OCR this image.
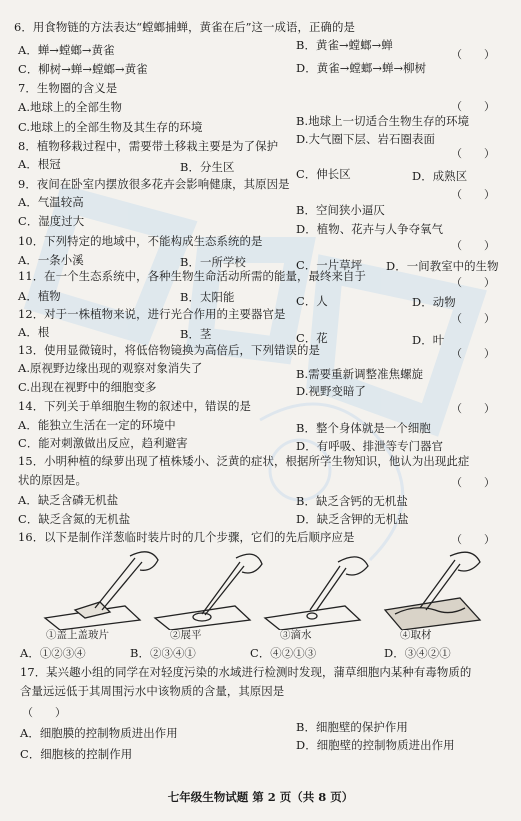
6．用食物链的方法表达“螳螂捕蝉，黄雀在后”这一成语，正确的是
（　　）
A．蝉→螳螂→黄雀	B．黄雀→螳螂→蝉
C．柳树→蝉→螳螂→黄雀	D．黄雀→螳螂→蝉→柳树
7．生物圈的含义是
（　　）
A.地球上的全部生物
B.地球上一切适合生物生存的环境
C.地球上的全部生物及其生存的环境
D.大气圈下层、岩石圈表面
8．植物移栽过程中，需要带土移栽主要是为了保护
（　　）
A．根冠	B．分生区	C．伸长区	D．成熟区
9．夜间在卧室内摆放很多花卉会影响健康，其原因是
（　　）
A．气温较高
B．空间狭小逼仄
C．湿度过大
D．植物、花卉与人争夺氧气
10．下列特定的地域中，不能构成生态系统的是	（　　）
A．一条小溪	B．一所学校	C．一片草坪 D．一间教室中的生物
11．在一个生态系统中，各种生物生命活动所需的能量，最终来自于	（　　）
A．植物	B．太阳能	C．人	D．动物
12．对于一株植物来说，进行光合作用的主要器官是	（　　）
A．根	B．茎	C．花	D．叶
13．使用显微镜时，将低倍物镜换为高倍后，下列错误的是	（　　）
A.原视野边缘出现的观察对象消失了	B.需要重新调整准焦螺旋
C.出现在视野中的细胞变多	D.视野变暗了
14．下列关于单细胞生物的叙述中，错误的是	（　　）
A．能独立生活在一定的环境中	B．整个身体就是一个细胞
C．能对刺激做出反应，趋利避害	D．有呼吸、排泄等专门器官
15．小明种植的绿萝出现了植株矮小、泛黄的症状，根据所学生物知识，他认为出现此症
状的原因是。	（　　）
A．缺乏含磷无机盐	B．缺乏含钙的无机盐
C．缺乏含氮的无机盐	D．缺乏含钾的无机盐
16．以下是制作洋葱临时装片时的几个步骤，它们的先后顺序应是	（　　）
①盖上盖玻片	②展平	③滴水	④取材
A．①②③④	B．②③④①	C．④②①③	D．③④②①
17．某兴趣小组的同学在对轻度污染的水域进行检测时发现，蒲草细胞内某种有毒物质的
含量远远低于其周围污水中该物质的含量，其原因是
（　　）
A．细胞膜的控制物质进出作用	B．细胞壁的保护作用
C．细胞核的控制作用
D．细胞壁的控制物质进出作用
七年级生物试题 第 2 页（共 8 页）
